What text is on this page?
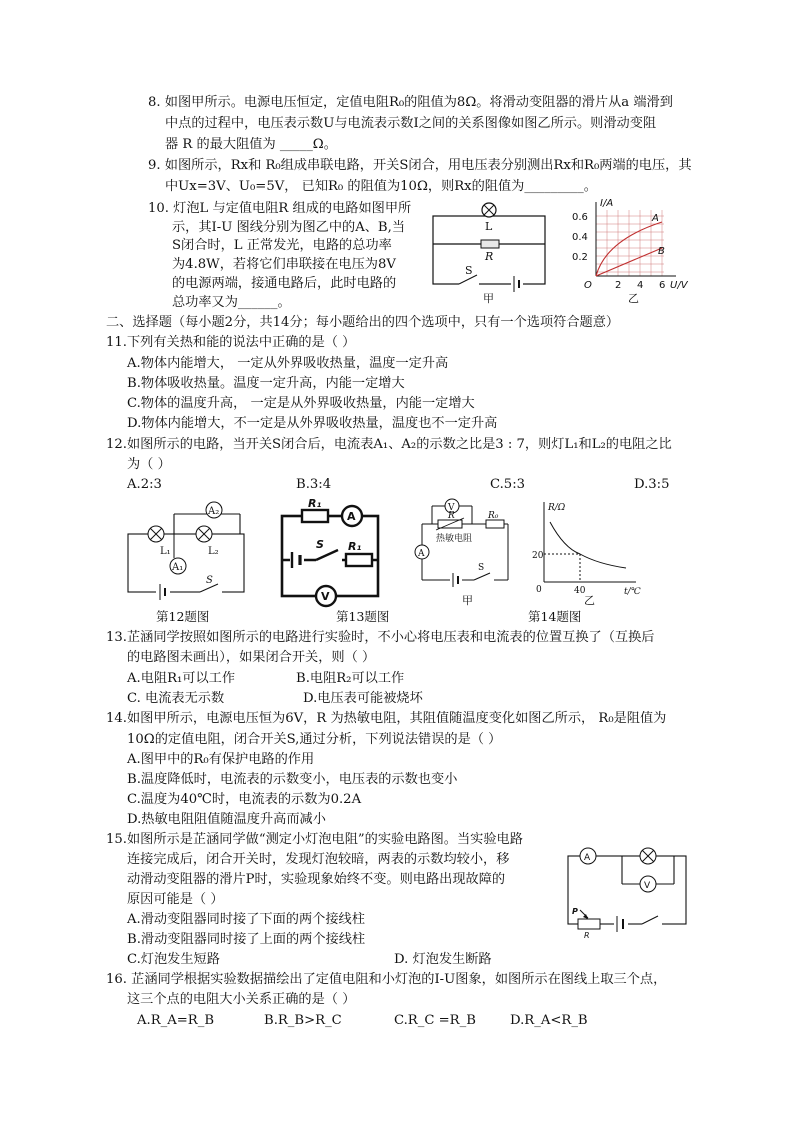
8. 如图甲所示。电源电压恒定，定值电阻R₀的阻值为8Ω。将滑动变阻器的滑片从a 端滑到
中点的过程中，电压表示数U与电流表示数I之间的关系图像如图乙所示。则滑动变阻
器 R 的最大阻值为 _____Ω。
9. 如图所示，Rx和 R₀组成串联电路，开关S闭合，用电压表分别测出Rx和R₀两端的电压，其
中Ux=3V、U₀=5V， 已知R₀ 的阻值为10Ω，则Rx的阻值为_________。
10. 灯泡L 与定值电阻R 组成的电路如图甲所
示，其I-U 图线分别为图乙中的A、B,当
S闭合时，L 正常发光，电路的总功率
为4.8W，若将它们串联接在电压为8V
的电源两端，接通电路后，此时电路的
总功率又为______。
L
R
S
甲
I/A
0.6
0.4
0.2
O 2 4 6 U/V
A
B
乙
二、选择题（每小题2分，共14分；每小题给出的四个选项中，只有一个选项符合题意）
11.下列有关热和能的说法中正确的是（ ）
A.物体内能增大， 一定从外界吸收热量，温度一定升高
B.物体吸收热量。温度一定升高，内能一定增大
C.物体的温度升高， 一定是从外界吸收热量，内能一定增大
D.物体内能增大，不一定是从外界吸收热量，温度也不一定升高
12.如图所示的电路，当开关S闭合后，电流表A₁、A₂的示数之比是3 : 7，则灯L₁和L₂的电阻之比
为（ ）
A.2:3	B.3:4	C.5:3	D.3:5
A₂
A₁
L₁	L₂
S
第12题图
R₁
A
R₁
S
V
第13题图
V
A
R	R₀
热敏电阻
S
甲
R/Ω
20
40
0	t/℃
乙
第14题图
13.芷涵同学按照如图所示的电路进行实验时，不小心将电压表和电流表的位置互换了（互换后
的电路图未画出），如果闭合开关，则（ ）
A.电阻R₁可以工作	B.电阻R₂可以工作
C. 电流表无示数	D.电压表可能被烧坏
14.如图甲所示，电源电压恒为6V，R 为热敏电阻，其阻值随温度变化如图乙所示， R₀是阻值为
10Ω的定值电阻，闭合开关S,通过分析，下列说法错误的是（ ）
A.图甲中的R₀有保护电路的作用
B.温度降低时，电流表的示数变小，电压表的示数也变小
C.温度为40℃时，电流表的示数为0.2A
D.热敏电阻阻值随温度升高而减小
15.如图所示是芷涵同学做“测定小灯泡电阻”的实验电路图。当实验电路
连接完成后，闭合开关时，发现灯泡较暗，两表的示数均较小，移
动滑动变阻器的滑片P时，实验现象始终不变。则电路出现故障的
原因可能是（ ）
A.滑动变阻器同时接了下面的两个接线柱
B.滑动变阻器同时接了上面的两个接线柱
C.灯泡发生短路	D. 灯泡发生断路
A
V
P
R
16. 芷涵同学根据实验数据描绘出了定值电阻和小灯泡的I-U图象，如图所示在图线上取三个点，
这三个点的电阻大小关系正确的是（ ）
A.R_A=R_B	B.R_B>R_C	C.R_C =R_B	D.R_A<R_B
